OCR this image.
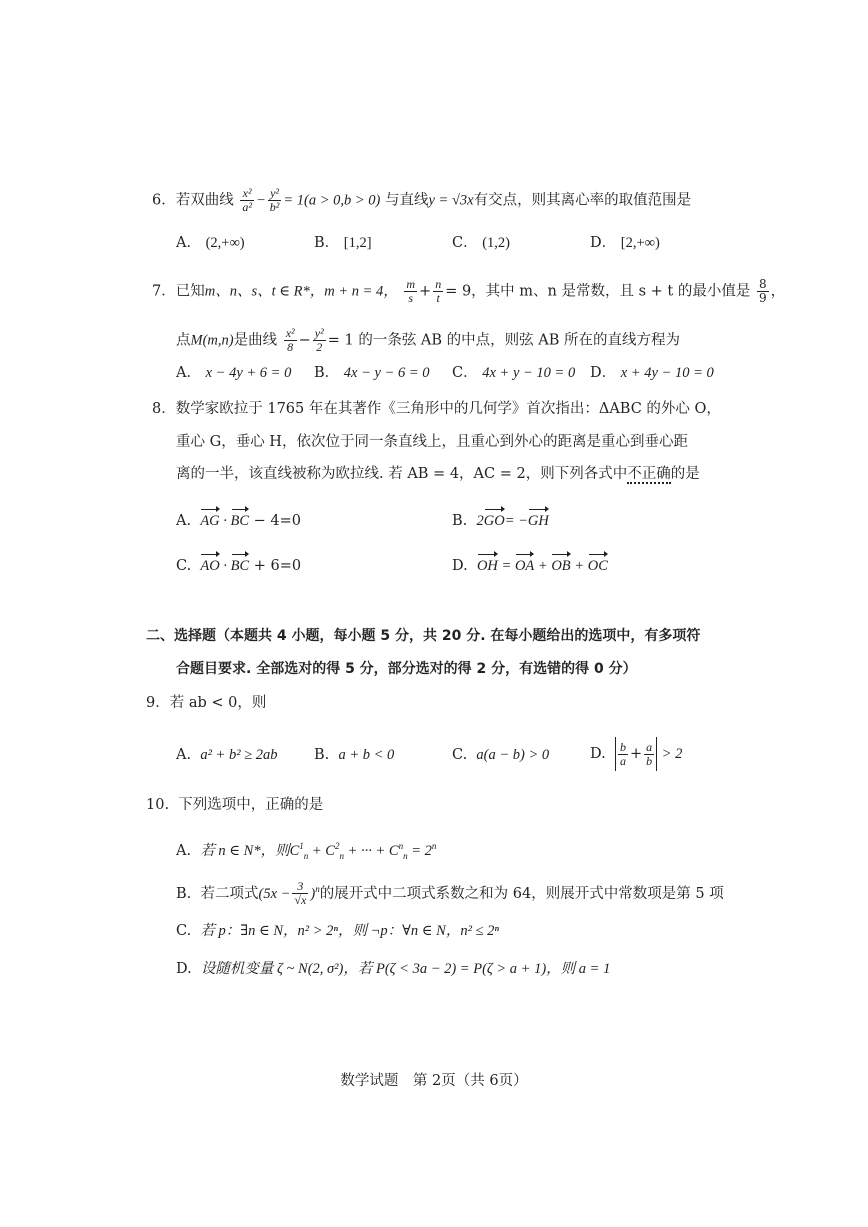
6．若双曲线 $\frac{\text{x²}}{\text{a²}} - \frac{\text{y²}}{\text{b²}} = 1(a > 0,b > 0)$ 与直线y = √3x有交点，则其离心率的取值范围是
A． (2,+∞)	B． [1,2]	C． (1,2)	D． [2,+∞)
7．已知m、n、s、t ∈ R*，m + n = 4， $\frac{m}{s} + \frac{n}{t} = 9$，其中 m、n 是常数，且 s + t 的最小值是 $\frac{8}{9}$ ，
点M(m,n)是曲线 $\frac{\text{x²}}{8} - \frac{\text{y²}}{2} = 1$ 的一条弦 AB 的中点，则弦 AB 所在的直线方程为
A． x − 4y + 6 = 0 B． 4x − y − 6 = 0 C． 4x + y − 10 = 0 D． x + 4y − 10 = 0
8．数学家欧拉于 1765 年在其著作《三角形中的几何学》首次指出：ΔABC 的外心 O，
重心 G，垂心 H，依次位于同一条直线上，且重心到外心的距离是重心到垂心距
离的一半，该直线被称为欧拉线. 若 AB = 4，AC = 2，则下列各式中不正确的是
A. AG · BC − 4=0	B. 2GO= −GH
C. AO · BC + 6=0	D. OH = OA + OB + OC
二、选择题（本题共 4 小题，每小题 5 分，共 20 分. 在每小题给出的选项中，有多项符
合题目要求. 全部选对的得 5 分，部分选对的得 2 分，有选错的得 0 分）
9．若 ab < 0，则
A. a² + b² ≥ 2ab	B. a + b < 0	C. a(a − b) > 0	D. $\frac{b}{a} + \frac{a}{b} > 2$
10. 下列选项中，正确的是
A. 若 n ∈ N*，则$C^1_n + C^2_n$ + ··· + $C^n_n = 2^n$
B. 若二项式$(5x - \frac{3}{√x} )^n$的展开式中二项式系数之和为 64，则展开式中常数项是第 5 项
C. 若 p：∃n ∈ N，n² > 2ⁿ，则 ¬p：∀n ∈ N，n² ≤ 2ⁿ
D. 设随机变量 ζ ~ N(2, σ²)，若 P(ζ < 3a − 2) = P(ζ > a + 1)，则 a = 1
数学试题　第 2页（共 6页）
